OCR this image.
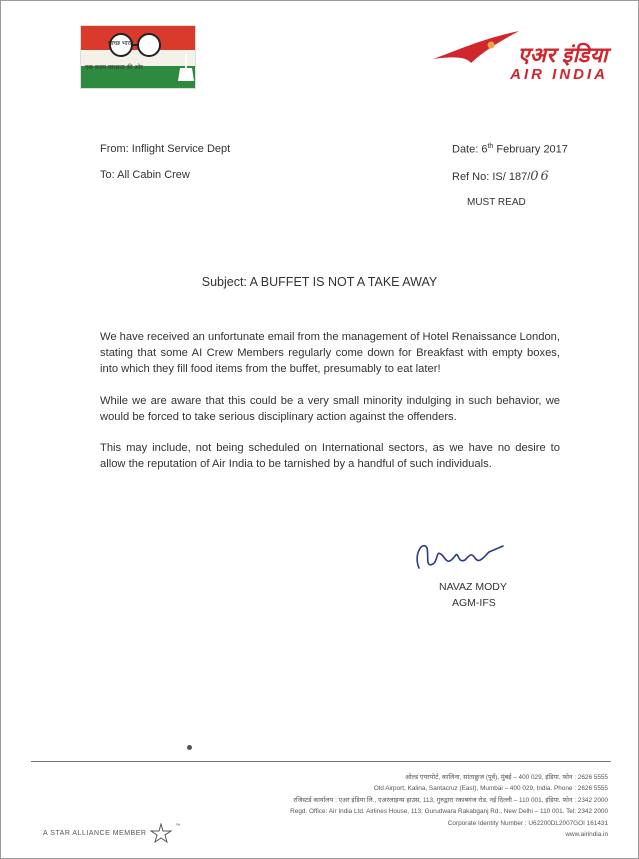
स्वच्छ भारत
एक कदम स्वच्छता की ओर
एअर इंडिया
AIR INDIA
From: Inflight Service Dept
To: All Cabin Crew
Date: 6th February 2017
Ref No: IS/ 187/06
MUST READ
Subject: A BUFFET IS NOT A TAKE AWAY
We have received an unfortunate email from the management of Hotel Renaissance London, stating that some AI Crew Members regularly come down for Breakfast with empty boxes, into which they fill food items from the buffet, presumably to eat later!
While we are aware that this could be a very small minority indulging in such behavior, we would be forced to take serious disciplinary action against the offenders.
This may include, not being scheduled on International sectors, as we have no desire to allow the reputation of Air India to be tarnished by a handful of such individuals.
NAVAZ MODY
AGM-IFS
ओल्ड एयरपोर्ट, कालिना, सांताक्रुज (पूर्व), मुंबई – 400 029, इंडिया. फोन : 2626 5555
Old Airport, Kalina, Santacruz (East), Mumbai – 400 029, India. Phone : 2626 5555
रजिस्टर्ड कार्यालय : एअर इंडिया लि., एअरलाइन्स हाउस, 113, गुरुद्वारा रकाबगंज रोड, नई दिल्ली – 110 001. इंडिया. फोन : 2342 2000
Regd. Office: Air India Ltd. Airlines House, 113, Gurudwara Rakabganj Rd., New Delhi – 110 001. Tel: 2342 2000
Corporate Identity Number : U62200DL2007GOI 161431
www.airindia.in
A STAR ALLIANCE MEMBER  ™
